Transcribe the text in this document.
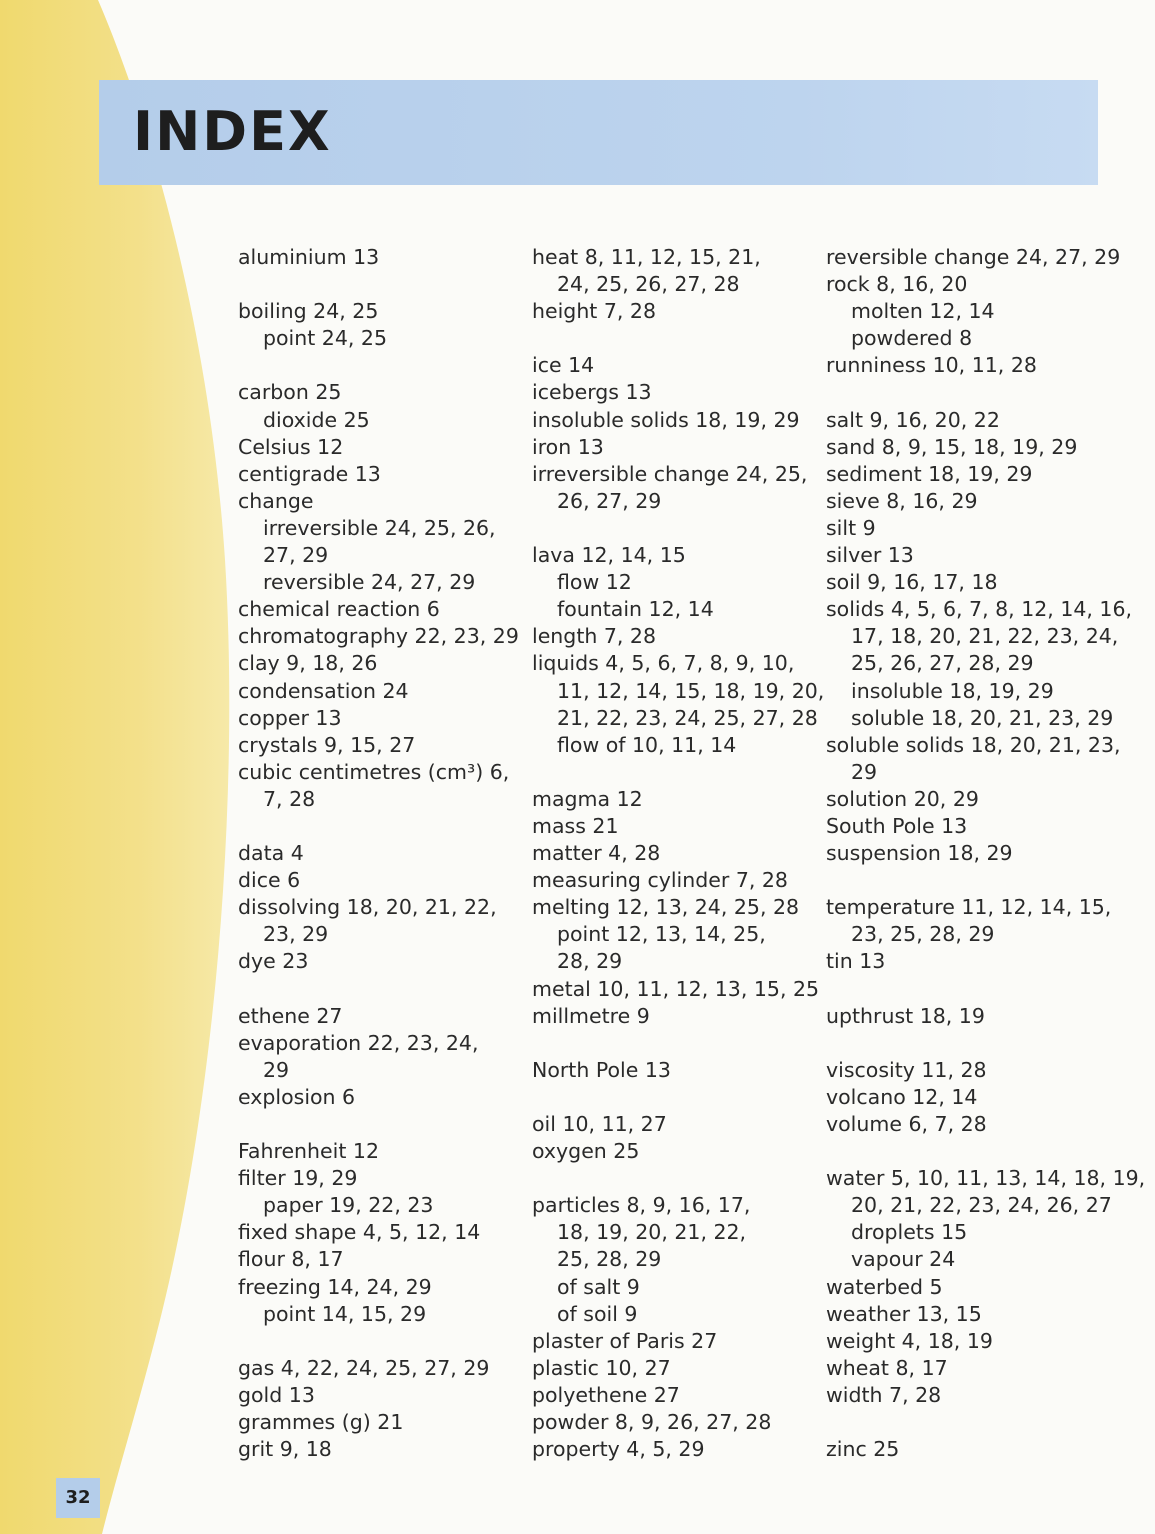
INDEX
aluminium 13
boiling 24, 25
point 24, 25
carbon 25
dioxide 25
Celsius 12
centigrade 13
change
irreversible 24, 25, 26,
27, 29
reversible 24, 27, 29
chemical reaction 6
chromatography 22, 23, 29
clay 9, 18, 26
condensation 24
copper 13
crystals 9, 15, 27
cubic centimetres (cm³) 6,
7, 28
data 4
dice 6
dissolving 18, 20, 21, 22,
23, 29
dye 23
ethene 27
evaporation 22, 23, 24,
29
explosion 6
Fahrenheit 12
filter 19, 29
paper 19, 22, 23
fixed shape 4, 5, 12, 14
flour 8, 17
freezing 14, 24, 29
point 14, 15, 29
gas 4, 22, 24, 25, 27, 29
gold 13
grammes (g) 21
grit 9, 18
heat 8, 11, 12, 15, 21,
24, 25, 26, 27, 28
height 7, 28
ice 14
icebergs 13
insoluble solids 18, 19, 29
iron 13
irreversible change 24, 25,
26, 27, 29
lava 12, 14, 15
flow 12
fountain 12, 14
length 7, 28
liquids 4, 5, 6, 7, 8, 9, 10,
11, 12, 14, 15, 18, 19, 20,
21, 22, 23, 24, 25, 27, 28
flow of 10, 11, 14
magma 12
mass 21
matter 4, 28
measuring cylinder 7, 28
melting 12, 13, 24, 25, 28
point 12, 13, 14, 25,
28, 29
metal 10, 11, 12, 13, 15, 25
millmetre 9
North Pole 13
oil 10, 11, 27
oxygen 25
particles 8, 9, 16, 17,
18, 19, 20, 21, 22,
25, 28, 29
of salt 9
of soil 9
plaster of Paris 27
plastic 10, 27
polyethene 27
powder 8, 9, 26, 27, 28
property 4, 5, 29
reversible change 24, 27, 29
rock 8, 16, 20
molten 12, 14
powdered 8
runniness 10, 11, 28
salt 9, 16, 20, 22
sand 8, 9, 15, 18, 19, 29
sediment 18, 19, 29
sieve 8, 16, 29
silt 9
silver 13
soil 9, 16, 17, 18
solids 4, 5, 6, 7, 8, 12, 14, 16,
17, 18, 20, 21, 22, 23, 24,
25, 26, 27, 28, 29
insoluble 18, 19, 29
soluble 18, 20, 21, 23, 29
soluble solids 18, 20, 21, 23,
29
solution 20, 29
South Pole 13
suspension 18, 29
temperature 11, 12, 14, 15,
23, 25, 28, 29
tin 13
upthrust 18, 19
viscosity 11, 28
volcano 12, 14
volume 6, 7, 28
water 5, 10, 11, 13, 14, 18, 19,
20, 21, 22, 23, 24, 26, 27
droplets 15
vapour 24
waterbed 5
weather 13, 15
weight 4, 18, 19
wheat 8, 17
width 7, 28
zinc 25
32
